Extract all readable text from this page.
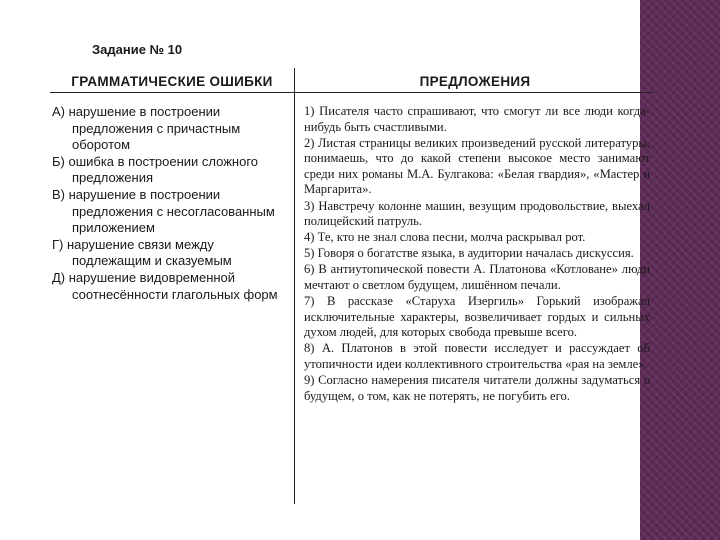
Задание № 10
ГРАММАТИЧЕСКИЕ ОШИБКИ	ПРЕДЛОЖЕНИЯ
А) нарушение в построении предложения с причастным оборотом
Б) ошибка в построении сложного предложения
В) нарушение в построении предложения с несогласованным приложением
Г) нарушение связи между подлежащим и сказуемым
Д) нарушение видовременной соотнесённости глагольных форм
1) Писателя часто спрашивают, что смогут ли все люди когда-нибудь быть счастливыми.
2) Листая страницы великих произведений русской литературы, понимаешь, что до какой степени высокое место занимают среди них романы М.А. Булгакова: «Белая гвардия», «Мастер и Маргарита».
3) Навстречу колонне машин, везущим продовольствие, выехал полицейский патруль.
4) Те, кто не знал слова песни, молча раскрывал рот.
5) Говоря о богатстве языка, в аудитории началась дискуссия.
6) В антиутопической повести А. Платонова «Котловане» люди мечтают о светлом будущем, лишённом печали.
7) В рассказе «Старуха Изергиль» Горький изображал исключительные характеры, возвеличивает гордых и сильных духом людей, для которых свобода превыше всего.
8) А. Платонов в этой повести исследует и рассуждает об утопичности идеи коллективного строительства «рая на земле».
9) Согласно намерения писателя читатели должны задуматься о будущем, о том, как не потерять, не погубить его.
